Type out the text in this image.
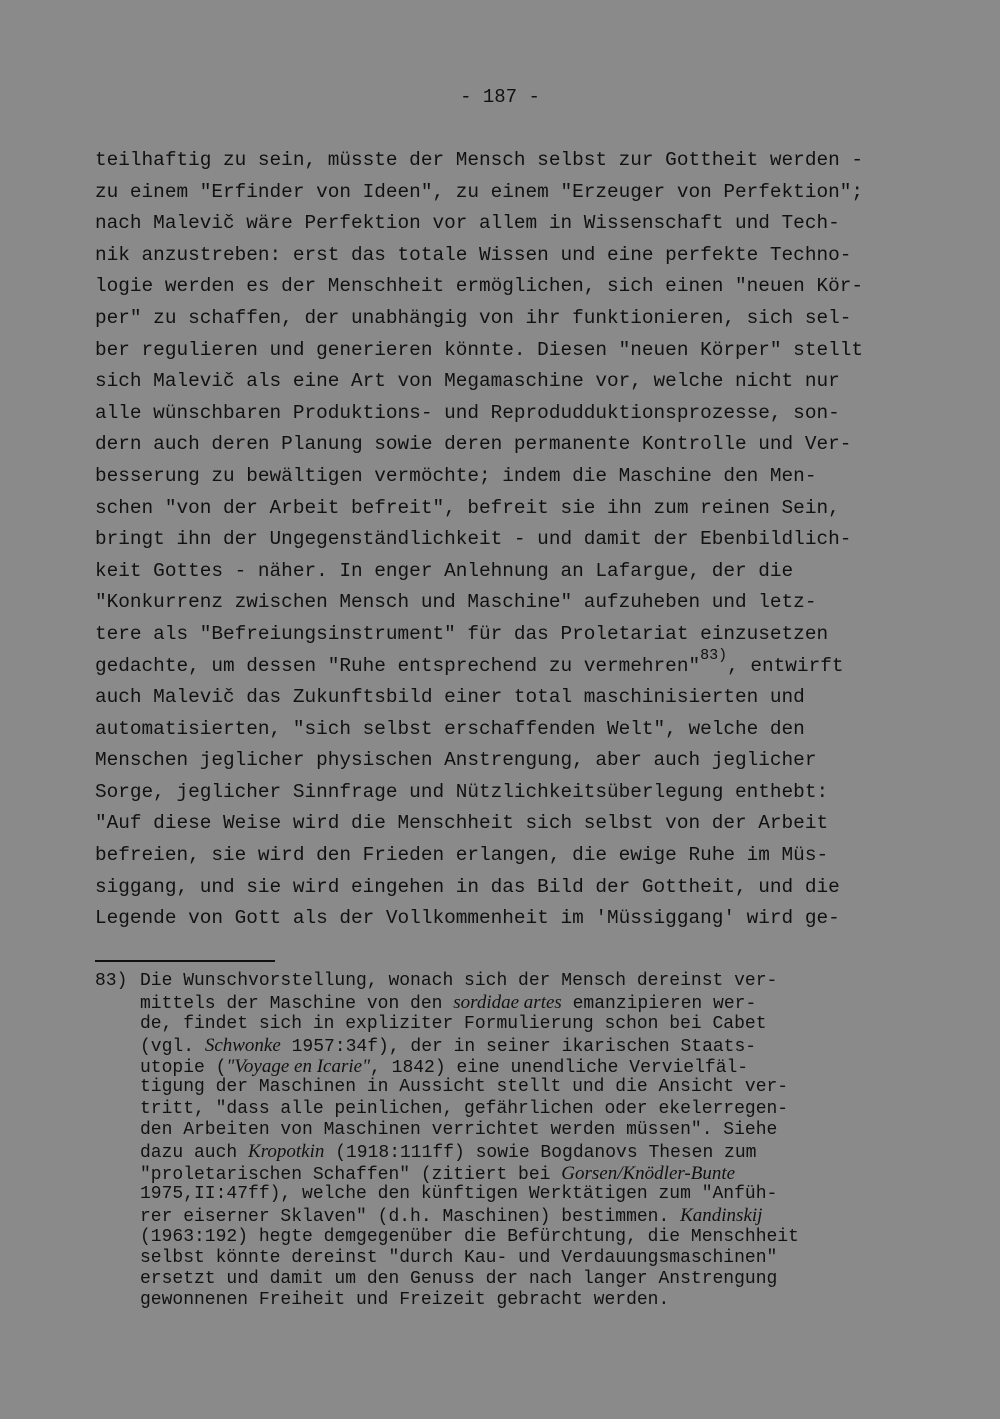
- 187 -
teilhaftig zu sein, müsste der Mensch selbst zur Gottheit werden -
zu einem "Erfinder von Ideen", zu einem "Erzeuger von Perfektion";
nach Malevič wäre Perfektion vor allem in Wissenschaft und Tech-
nik anzustreben: erst das totale Wissen und eine perfekte Techno-
logie werden es der Menschheit ermöglichen, sich einen "neuen Kör-
per" zu schaffen, der unabhängig von ihr funktionieren, sich sel-
ber regulieren und generieren könnte. Diesen "neuen Körper" stellt
sich Malevič als eine Art von Megamaschine vor, welche nicht nur
alle wünschbaren Produktions- und Reprodudduktionsprozesse, son-
dern auch deren Planung sowie deren permanente Kontrolle und Ver-
besserung zu bewältigen vermöchte; indem die Maschine den Men-
schen "von der Arbeit befreit", befreit sie ihn zum reinen Sein,
bringt ihn der Ungegenständlichkeit - und damit der Ebenbildlich-
keit Gottes - näher. In enger Anlehnung an Lafargue, der die
"Konkurrenz zwischen Mensch und Maschine" aufzuheben und letz-
tere als "Befreiungsinstrument" für das Proletariat einzusetzen
gedachte, um dessen "Ruhe entsprechend zu vermehren"$^{83)}$, entwirft
auch Malevič das Zukunftsbild einer total maschinisierten und
automatisierten, "sich selbst erschaffenden Welt", welche den
Menschen jeglicher physischen Anstrengung, aber auch jeglicher
Sorge, jeglicher Sinnfrage und Nützlichkeitsüberlegung enthebt:
"Auf diese Weise wird die Menschheit sich selbst von der Arbeit
befreien, sie wird den Frieden erlangen, die ewige Ruhe im Müs-
siggang, und sie wird eingehen in das Bild der Gottheit, und die
Legende von Gott als der Vollkommenheit im 'Müssiggang' wird ge-

83)

Die Wunschvorstellung, wonach sich der Mensch dereinst ver-

mittels der Maschine von den sordidae artes emanzipieren wer-
de, findet sich in expliziter Formulierung schon bei Cabet
(vgl. Schwonke 1957:34f), der in seiner ikarischen Staats-
utopie ("Voyage en Icarie", 1842) eine unendliche Vervielfäl-
tigung der Maschinen in Aussicht stellt und die Ansicht ver-
tritt, "dass alle peinlichen, gefährlichen oder ekelerregen-
den Arbeiten von Maschinen verrichtet werden müssen". Siehe
dazu auch Kropotkin (1918:111ff) sowie Bogdanovs Thesen zum
"proletarischen Schaffen" (zitiert bei Gorsen/Knödler-Bunte
1975,II:47ff), welche den künftigen Werktätigen zum "Anfüh-
rer eiserner Sklaven" (d.h. Maschinen) bestimmen. Kandinskij
(1963:192) hegte demgegenüber die Befürchtung, die Menschheit
selbst könnte dereinst "durch Kau- und Verdauungsmaschinen"
ersetzt und damit um den Genuss der nach langer Anstrengung
gewonnenen Freiheit und Freizeit gebracht werden.
